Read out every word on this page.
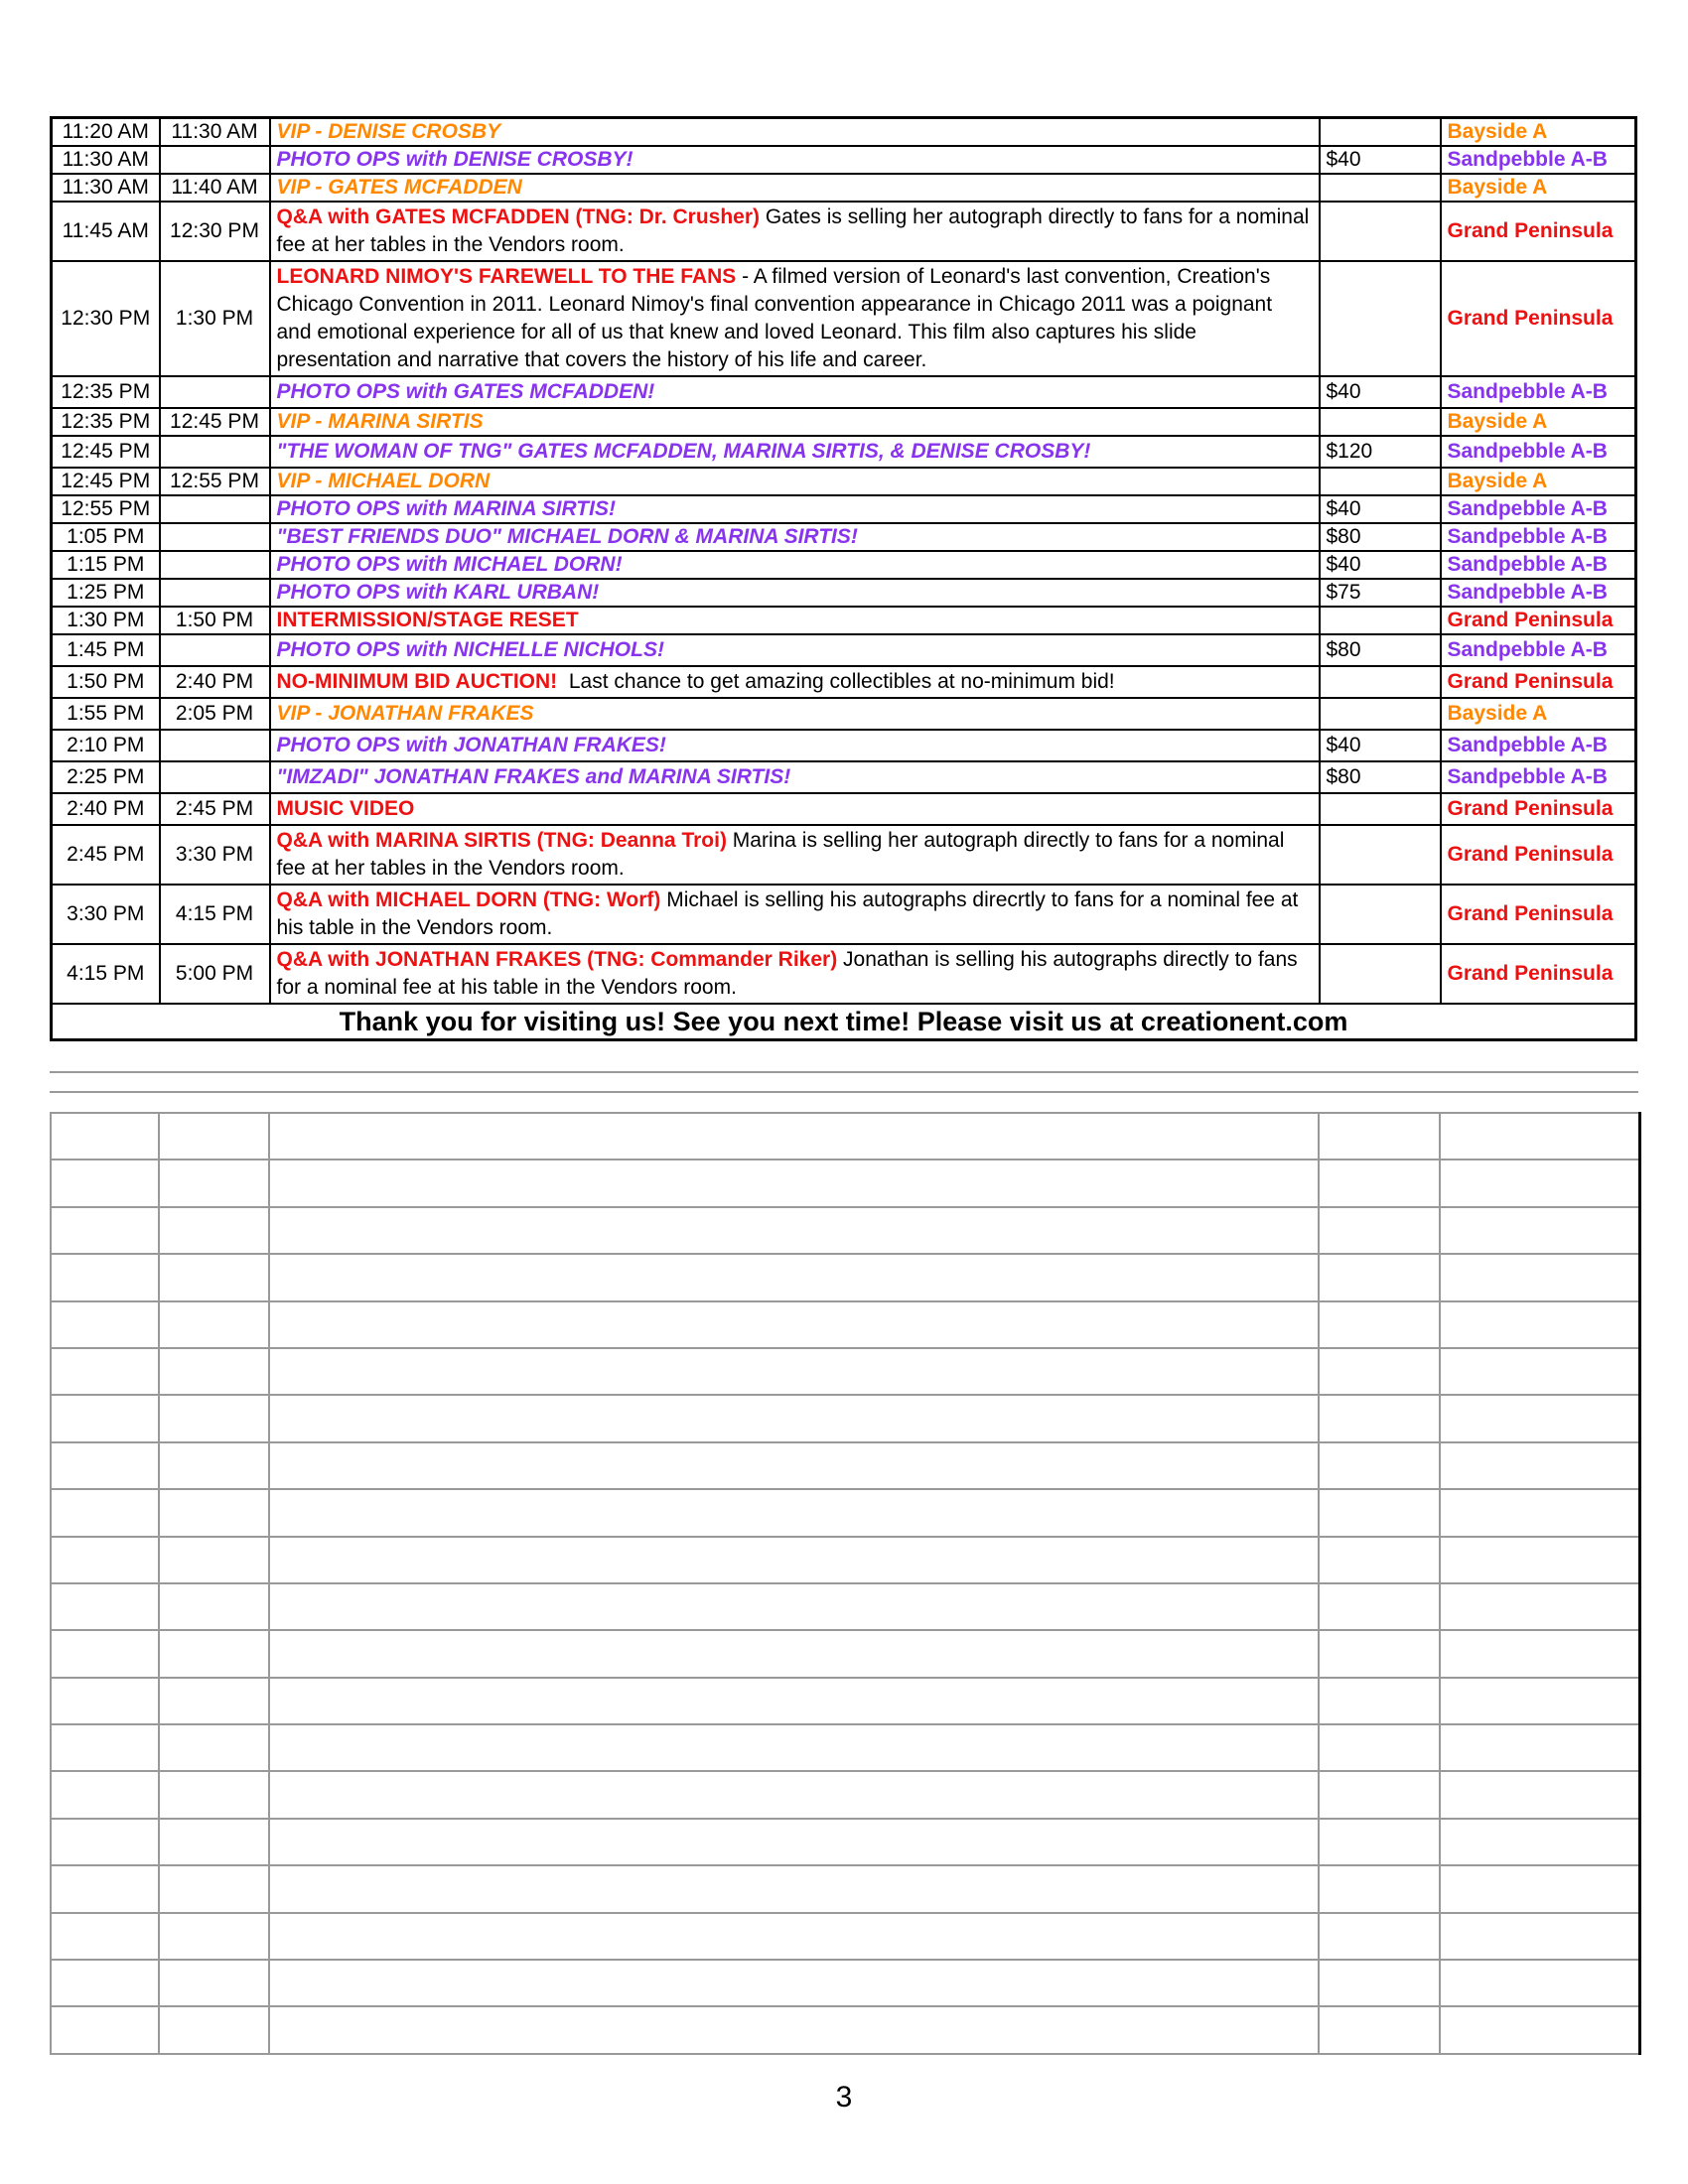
11:20 AM	11:30 AM	VIP - DENISE CROSBY		Bayside A
11:30 AM		PHOTO OPS with DENISE CROSBY!	$40	Sandpebble A-B
11:30 AM	11:40 AM	VIP - GATES MCFADDEN		Bayside A
11:45 AM	12:30 PM	Q&A with GATES MCFADDEN (TNG: Dr. Crusher) Gates is selling her autograph directly to fans for a nominal fee at her tables in the Vendors room.		Grand Peninsula
12:30 PM	1:30 PM	LEONARD NIMOY'S FAREWELL TO THE FANS - A filmed version of Leonard's last convention, Creation's Chicago Convention in 2011. Leonard Nimoy's final convention appearance in Chicago 2011 was a poignant and emotional experience for all of us that knew and loved Leonard. This film also captures his slide presentation and narrative that covers the history of his life and career.		Grand Peninsula
12:35 PM		PHOTO OPS with GATES MCFADDEN!	$40	Sandpebble A-B
12:35 PM	12:45 PM	VIP - MARINA SIRTIS		Bayside A
12:45 PM		"THE WOMAN OF TNG" GATES MCFADDEN, MARINA SIRTIS, & DENISE CROSBY!	$120	Sandpebble A-B
12:45 PM	12:55 PM	VIP - MICHAEL DORN		Bayside A
12:55 PM		PHOTO OPS with MARINA SIRTIS!	$40	Sandpebble A-B
1:05 PM		"BEST FRIENDS DUO" MICHAEL DORN & MARINA SIRTIS!	$80	Sandpebble A-B
1:15 PM		PHOTO OPS with MICHAEL DORN!	$40	Sandpebble A-B
1:25 PM		PHOTO OPS with KARL URBAN!	$75	Sandpebble A-B
1:30 PM	1:50 PM	INTERMISSION/STAGE RESET		Grand Peninsula
1:45 PM		PHOTO OPS with NICHELLE NICHOLS!	$80	Sandpebble A-B
1:50 PM	2:40 PM	NO-MINIMUM BID AUCTION!  Last chance to get amazing collectibles at no-minimum bid!		Grand Peninsula
1:55 PM	2:05 PM	VIP - JONATHAN FRAKES		Bayside A
2:10 PM		PHOTO OPS with JONATHAN FRAKES!	$40	Sandpebble A-B
2:25 PM		"IMZADI" JONATHAN FRAKES and MARINA SIRTIS!	$80	Sandpebble A-B
2:40 PM	2:45 PM	MUSIC VIDEO		Grand Peninsula
2:45 PM	3:30 PM	Q&A with MARINA SIRTIS (TNG: Deanna Troi) Marina is selling her autograph directly to fans for a nominal fee at her tables in the Vendors room.		Grand Peninsula
3:30 PM	4:15 PM	Q&A with MICHAEL DORN (TNG: Worf) Michael is selling his autographs direcrtly to fans for a nominal fee at his table in the Vendors room.		Grand Peninsula
4:15 PM	5:00 PM	Q&A with JONATHAN FRAKES (TNG: Commander Riker) Jonathan is selling his autographs directly to fans for a nominal fee at his table in the Vendors room.		Grand Peninsula
Thank you for visiting us! See you next time! Please visit us at creationent.com				

3
